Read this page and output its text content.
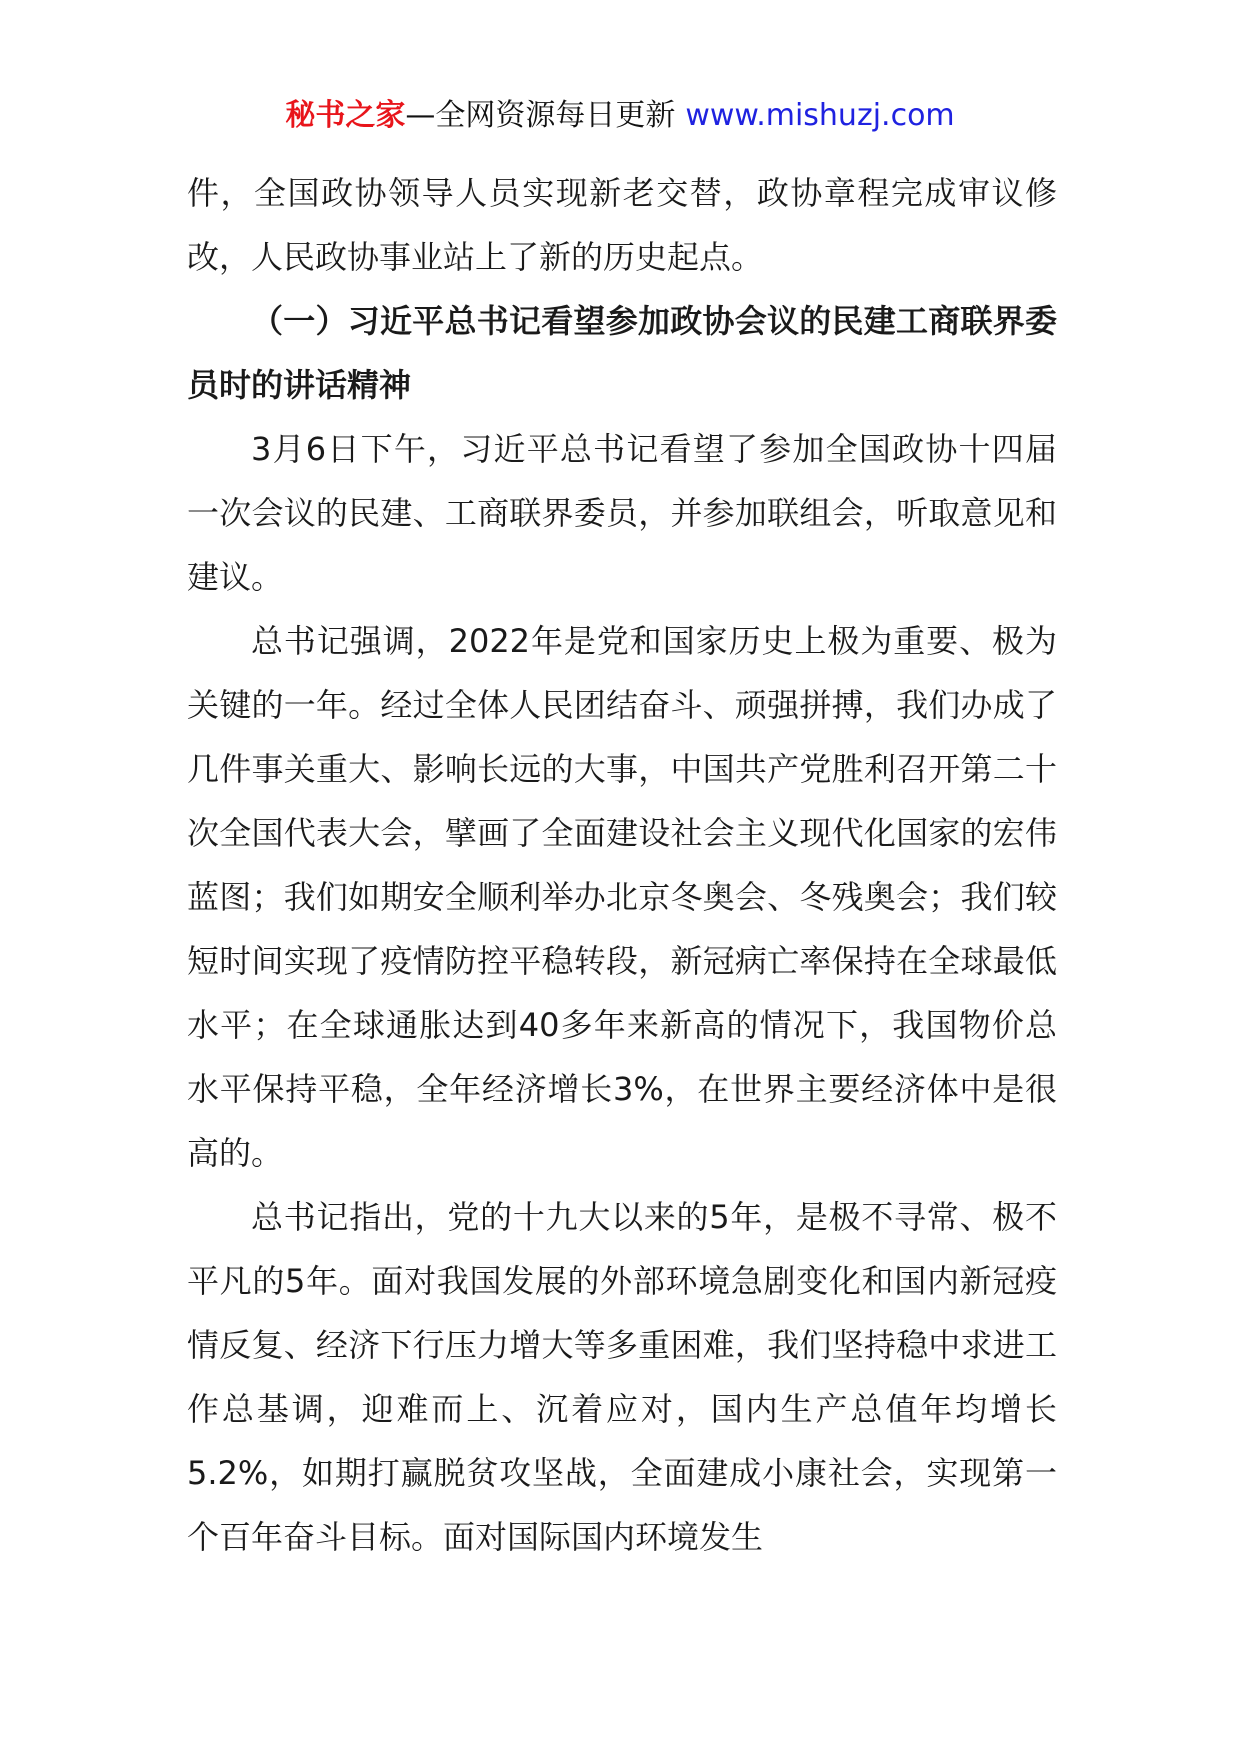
秘书之家—全网资源每日更新 www.mishuzj.com

件，全国政协领导人员实现新老交替，政协章程完成审议修改，人民政协事业站上了新的历史起点。

（一）习近平总书记看望参加政协会议的民建工商联界委员时的讲话精神

3月6日下午，习近平总书记看望了参加全国政协十四届一次会议的民建、工商联界委员，并参加联组会，听取意见和建议。

总书记强调，2022年是党和国家历史上极为重要、极为关键的一年。经过全体人民团结奋斗、顽强拼搏，我们办成了几件事关重大、影响长远的大事，中国共产党胜利召开第二十次全国代表大会，擘画了全面建设社会主义现代化国家的宏伟蓝图；我们如期安全顺利举办北京冬奥会、冬残奥会；我们较短时间实现了疫情防控平稳转段，新冠病亡率保持在全球最低水平；在全球通胀达到40多年来新高的情况下，我国物价总水平保持平稳，全年经济增长3%，在世界主要经济体中是很高的。

总书记指出，党的十九大以来的5年，是极不寻常、极不平凡的5年。面对我国发展的外部环境急剧变化和国内新冠疫情反复、经济下行压力增大等多重困难，我们坚持稳中求进工作总基调，迎难而上、沉着应对，国内生产总值年均增长5.2%，如期打赢脱贫攻坚战，全面建成小康社会，实现第一个百年奋斗目标。面对国际国内环境发生
